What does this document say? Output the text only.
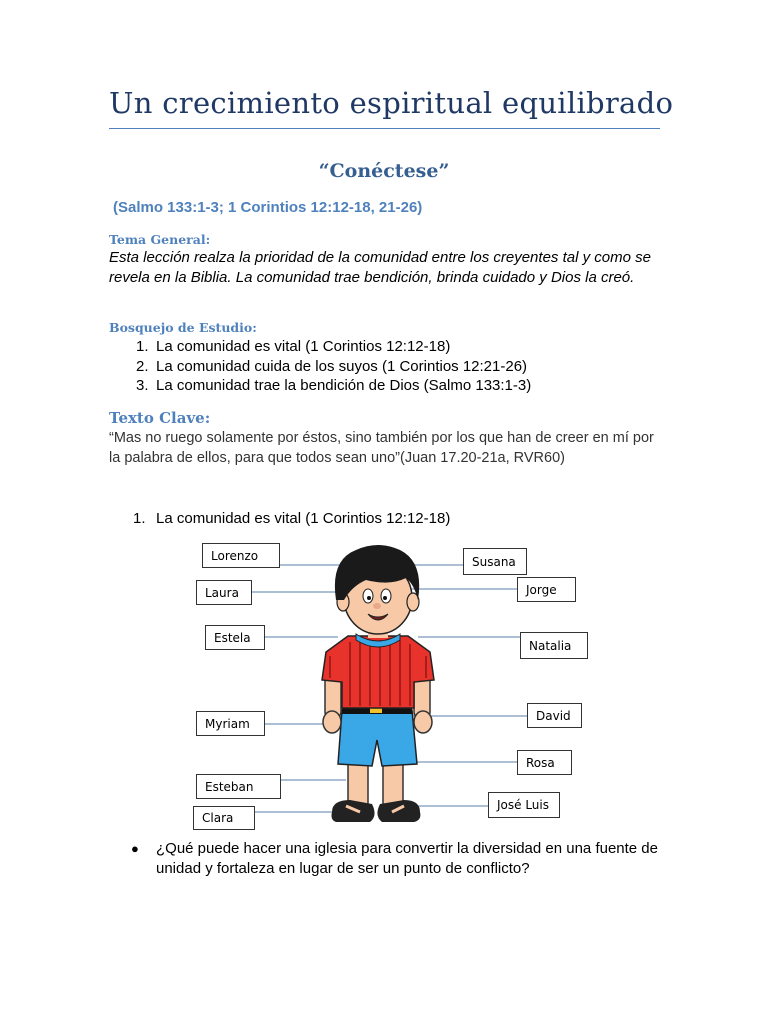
Un crecimiento espiritual equilibrado
“Conéctese”
(Salmo 133:1-3; 1 Corintios 12:12-18, 21-26)
Tema General:
Esta lección realza la prioridad de la comunidad entre los creyentes tal y como se revela en la Biblia. La comunidad trae bendición, brinda cuidado y Dios la creó.
Bosquejo de Estudio:
1. La comunidad es vital (1 Corintios 12:12-18)
2. La comunidad cuida de los suyos (1 Corintios 12:21-26)
3. La comunidad trae la bendición de Dios (Salmo 133:1-3)
Texto Clave:
“Mas no ruego solamente por éstos, sino también por los que han de creer en mí por la palabra de ellos, para que todos sean uno”(Juan 17.20-21a, RVR60)
1. La comunidad es vital (1 Corintios 12:12-18)
Lorenzo
Laura
Estela
Myriam
Esteban
Clara
Susana
Jorge
Natalia
David
Rosa
José Luis
●	¿Qué puede hacer una iglesia para convertir la diversidad en una fuente de unidad y fortaleza en lugar de ser un punto de conflicto?
